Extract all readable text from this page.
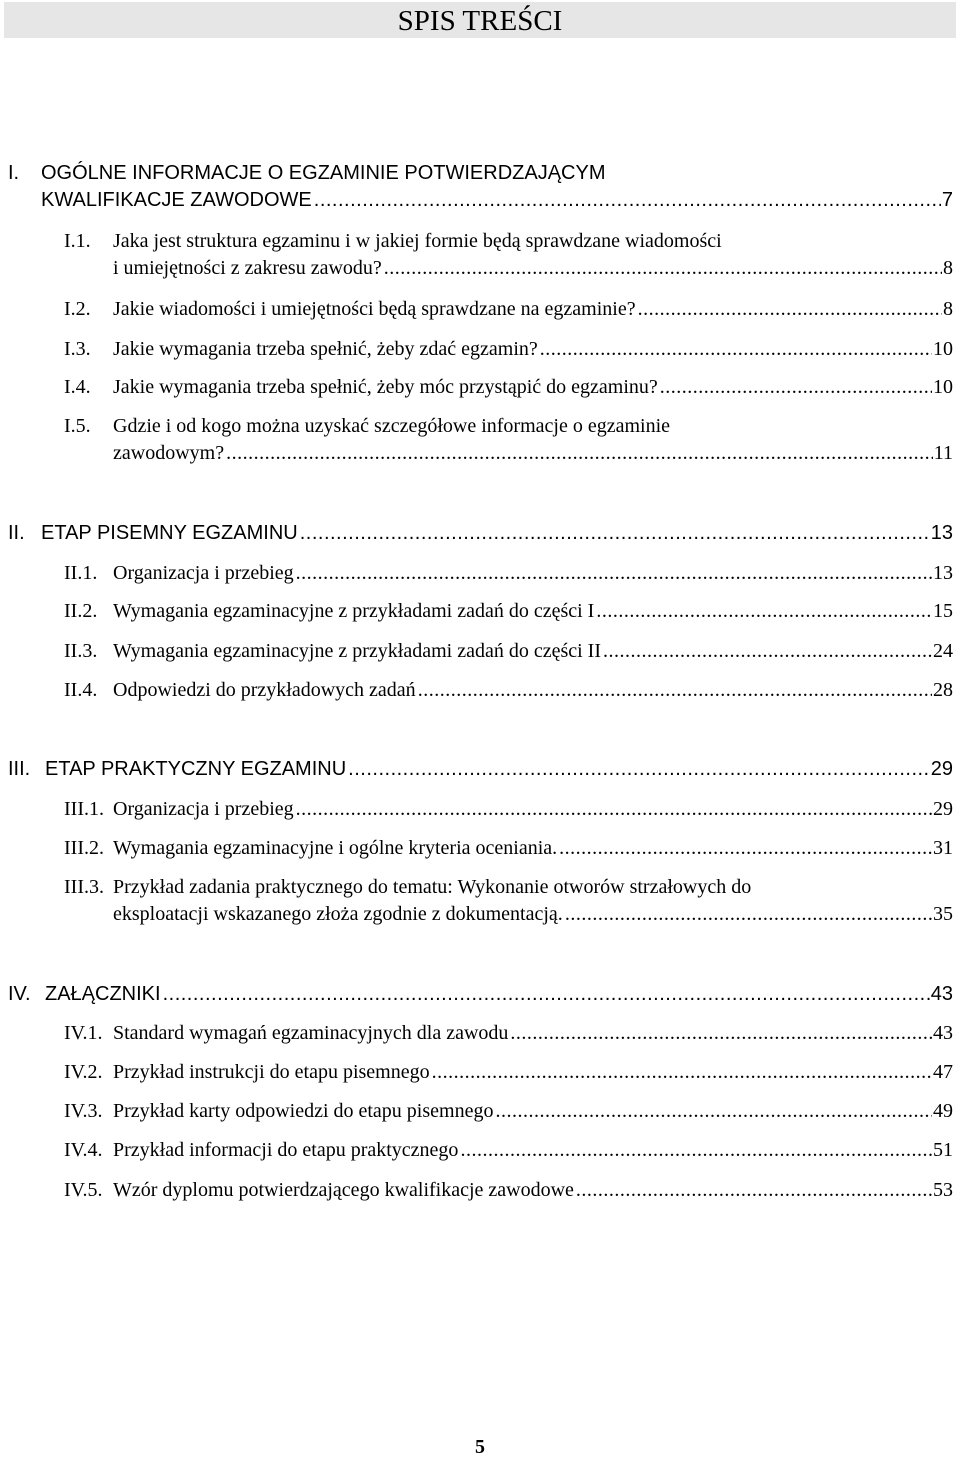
SPIS TREŚCI
I. OGÓLNE INFORMACJE O EGZAMINIE POTWIERDZAJĄCYM
KWALIFIKACJE ZAWODOWE .....	7
I.1. Jaka jest struktura egzaminu i w jakiej formie będą sprawdzane wiadomości
i umiejętności z zakresu zawodu? .....	8
I.2. Jakie wiadomości i umiejętności będą sprawdzane na egzaminie? .....	8
I.3. Jakie wymagania trzeba spełnić, żeby zdać egzamin? .....	10
I.4. Jakie wymagania trzeba spełnić, żeby móc przystąpić do egzaminu? .....	10
I.5. Gdzie i od kogo można uzyskać szczegółowe informacje o egzaminie
zawodowym? .....	11
II. ETAP PISEMNY EGZAMINU .....	13
II.1. Organizacja i przebieg .....	13
II.2. Wymagania egzaminacyjne z przykładami zadań do części I .....	15
II.3. Wymagania egzaminacyjne z przykładami zadań do części II .....	24
II.4. Odpowiedzi do przykładowych zadań .....	28
III. ETAP PRAKTYCZNY EGZAMINU .....	29
III.1. Organizacja i przebieg .....	29
III.2. Wymagania egzaminacyjne i ogólne kryteria oceniania. .....	31
III.3. Przykład zadania praktycznego do tematu: Wykonanie otworów strzałowych do
eksploatacji wskazanego złoża zgodnie z dokumentacją. .....	35
IV. ZAŁĄCZNIKI .....	43
IV.1. Standard wymagań egzaminacyjnych dla zawodu .....	43
IV.2. Przykład instrukcji do etapu pisemnego .....	47
IV.3. Przykład karty odpowiedzi do etapu pisemnego .....	49
IV.4. Przykład informacji do etapu praktycznego .....	51
IV.5. Wzór dyplomu potwierdzającego kwalifikacje zawodowe .....	53
5
